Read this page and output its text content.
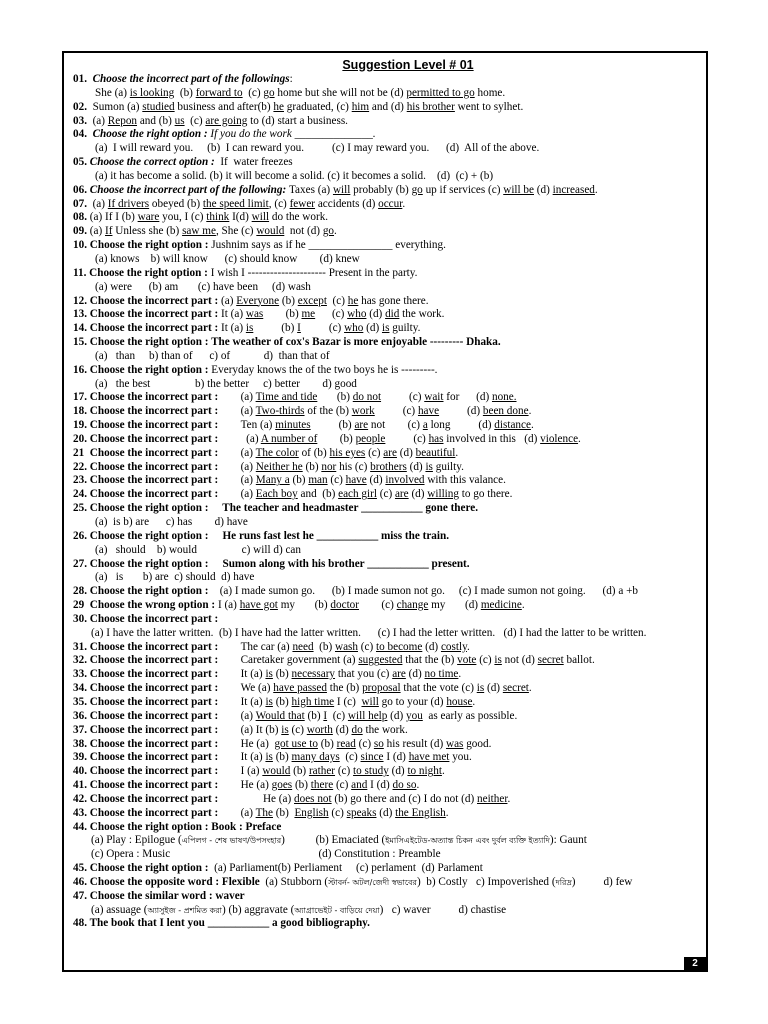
Suggestion Level # 01
01.  Choose the incorrect part of the followings:
She (a) is looking  (b) forward to  (c) go home but she will not be (d) permitted to go home.
02.  Sumon (a) studied business and after(b) he graduated, (c) him and (d) his brother went to sylhet.
03.  (a) Repon and (b) us  (c) are going to (d) start a business.
04.  Choose the right option : If you do the work ______________.
(a)  I will reward you.     (b)  I can reward you.          (c) I may reward you.      (d)  All of the above.
05. Choose the correct option :  If  water freezes
(a) it has become a solid. (b) it will become a solid. (c) it becomes a solid.    (d)  (c) + (b)
06. Choose the incorrect part of the following: Taxes (a) will probably (b) go up if services (c) will be (d) increased.
07.  (a) If drivers obeyed (b) the speed limit, (c) fewer accidents (d) occur.
08. (a) If I (b) ware you, I (c) think I(d) will do the work.
09. (a) If Unless she (b) saw me, She (c) would  not (d) go.
10. Choose the right option : Jushnim says as if he _______________ everything.
(a) knows    b) will know      (c) should know        (d) knew
11. Choose the right option : I wish I --------------------- Present in the party.
(a) were      (b) am       (c) have been     (d) wash
12. Choose the incorrect part : (a) Everyone (b) except  (c) he has gone there.
13. Choose the incorrect part : It (a) was        (b) me      (c) who (d) did the work.
14. Choose the incorrect part : It (a) is          (b) I          (c) who (d) is guilty.
15. Choose the right option : The weather of cox's Bazar is more enjoyable --------- Dhaka.
(a)   than     b) than of      c) of            d)  than that of
16. Choose the right option : Everyday knows the of the two boys he is ---------.
(a)   the best                b) the better     c) better        d) good
17. Choose the incorrect part :        (a) Time and tide       (b) do not          (c) wait for      (d) none.
18. Choose the incorrect part :        (a) Two-thirds of the (b) work          (c) have          (d) been done.
19. Choose the incorrect part :        Ten (a) minutes          (b) are not        (c) a long          (d) distance.
20. Choose the incorrect part :          (a) A number of        (b) people          (c) has involved in this   (d) violence.
21  Choose the incorrect part :        (a) The color of (b) his eyes (c) are (d) beautiful.
22. Choose the incorrect part :        (a) Neither he (b) nor his (c) brothers (d) is guilty.
23. Choose the incorrect part :        (a) Many a (b) man (c) have (d) involved with this valance.
24. Choose the incorrect part :        (a) Each boy and  (b) each girl (c) are (d) willing to go there.
25. Choose the right option :     The teacher and headmaster ___________ gone there.
(a)  is b) are      c) has        d) have
26. Choose the right option :     He runs fast lest he ___________ miss the train.
(a)   should    b) would                c) will d) can
27. Choose the right option :     Sumon along with his brother ___________ present.
(a)   is       b) are  c) should  d) have
28. Choose the right option :    (a) I made sumon go.      (b) I made sumon not go.     (c) I made sumon not going.      (d) a +b
29  Choose the wrong option : I (a) have got my       (b) doctor        (c) change my       (d) medicine.
30. Choose the incorrect part :
(a) I have the latter written.  (b) I have had the latter written.      (c) I had the letter written.   (d) I had the latter to be written.
31. Choose the incorrect part :        The car (a) need  (b) wash (c) to become (d) costly.
32. Choose the incorrect part :        Caretaker government (a) suggested that the (b) vote (c) is not (d) secret ballot.
33. Choose the incorrect part :        It (a) is (b) necessary that you (c) are (d) no time.
34. Choose the incorrect part :        We (a) have passed the (b) proposal that the vote (c) is (d) secret.
35. Choose the incorrect part :        It (a) is (b) high time I (c)  will go to your (d) house.
36. Choose the incorrect part :        (a) Would that (b) I  (c) will help (d) you  as early as possible.
37. Choose the incorrect part :        (a) It (b) is (c) worth (d) do the work.
38. Choose the incorrect part :        He (a)  got use to (b) read (c) so his result (d) was good.
39. Choose the incorrect part :        It (a) is (b) many days  (c) since I (d) have met you.
40. Choose the incorrect part :        I (a) would (b) rather (c) to study (d) to night.
41. Choose the incorrect part :        He (a) goes (b) there (c) and I (d) do so.
42. Choose the incorrect part :                He (a) does not (b) go there and (c) I do not (d) neither.
43. Choose the incorrect part :        (a) The (b)  English (c) speaks (d) the English.
44. Choose the right option : Book : Preface
(a) Play : Epilogue (এপিলগ - শেষ ভাষণ/উপসংহার)           (b) Emaciated (ইমাসিএইটেড-অত্যান্ত চিকন এবং দুর্বল ব্যক্তি ইত্যাদি): Gaunt
(c) Opera : Music                                                     (d) Constitution : Preamble
45. Choose the right option :  (a) Parliament(b) Perliament     (c) perlament  (d) Parlament
46. Choose the opposite word : Flexible  (a) Stubborn (স্টাবর্ন- অটল/জেদী স্বভাবের)  b) Costly   c) Impoverished (দরিদ্র)          d) few
47. Choose the similar word : waver
(a) assuage (অ্যাসুইজ - প্রশমিত করা) (b) aggravate (অ্যাগ্রাভেইট - বাড়িয়ে দেয়া)   c) waver          d) chastise
48. The book that I lent you ___________ a good bibliography.
2
